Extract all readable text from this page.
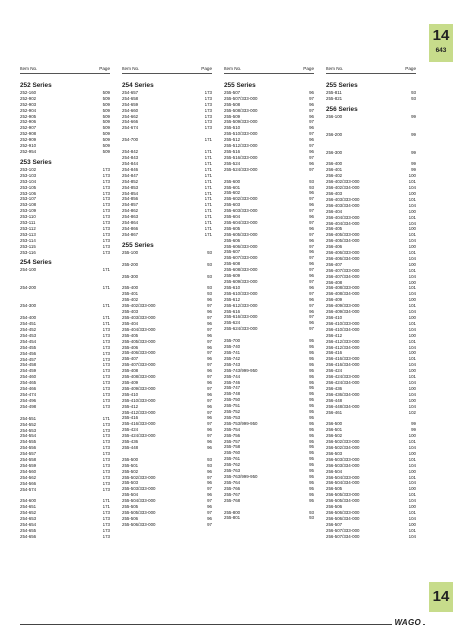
14
643
Item No.	Page
252 Series
252-160	509
252-902	509
252-903	509
252-904	509
252-905	509
252-906	509
252-907	509
252-908	509
252-909	509
252-910	509
252-954	509
253 Series
253-102	173
253-103	173
253-104	173
253-105	173
253-106	173
253-107	173
253-108	173
253-109	173
253-110	173
253-111	173
253-112	173
253-113	173
253-114	173
253-115	173
253-116	173
254 Series
254-100	171
254-200	171
254-300	171
254-400	171
254-451	171
254-452	173
254-453	173
254-454	173
254-455	173
254-456	173
254-457	173
254-458	173
254-459	173
254-460	173
254-465	173
254-466	173
254-474	173
254-496	173
254-498	173
254-551	171
254-552	173
254-553	173
254-554	173
254-555	173
254-556	173
254-557	173
254-558	173
254-559	173
254-560	173
254-562	173
254-566	173
254-574	173
254-600	171
254-651	171
254-652	173
254-653	173
254-654	173
254-655	173
254-656	173
Item No.	Page
254 Series
254-657	173
254-658	173
254-659	173
254-660	173
254-662	173
254-666	173
254-674	173
254-700	171
254-842	171
254-843	171
254-844	171
254-846	171
254-847	171
254-852	171
254-853	171
254-854	171
254-856	171
254-857	171
254-862	171
254-863	171
254-864	171
254-866	171
254-867	171
255 Series
255-100	93
255-200	93
255-300	93
255-400	93
255-401	93
255-402	96
255-402/333-000	97
255-403	96
255-403/333-000	97
255-404	96
255-404/333-000	97
255-405	96
255-405/333-000	97
255-406	96
255-406/333-000	97
255-407	96
255-407/333-000	97
255-408	96
255-408/333-000	97
255-409	96
255-409/333-000	97
255-410	96
255-410/333-000	97
255-412	96
255-412/333-000	97
255-416	96
255-416/333-000	97
255-424	96
255-424/333-000	97
255-436	96
255-448	96
255-500	93
255-501	93
255-502	96
255-502/333-000	97
255-503	96
255-503/333-000	97
255-504	96
255-504/333-000	97
255-505	96
255-505/333-000	97
255-506	96
255-506/333-000	97
Item No.	Page
255 Series
255-507	96
255-507/333-000	97
255-508	96
255-508/333-000	97
255-509	96
255-509/333-000	97
255-510	96
255-510/333-000	97
255-512	96
255-512/333-000	97
255-516	96
255-516/333-000	97
255-524	96
255-524/333-000	97
255-600	93
255-601	93
255-602	96
255-602/333-000	97
255-603	96
255-603/333-000	97
255-604	96
255-604/333-000	97
255-605	96
255-605/333-000	97
255-606	96
255-606/333-000	97
255-607	96
255-607/333-000	97
255-608	96
255-608/333-000	97
255-609	96
255-609/333-000	97
255-610	96
255-610/333-000	97
255-612	96
255-612/333-000	97
255-616	96
255-616/333-000	97
255-624	96
255-624/333-000	97
255-700	95
255-740	95
255-741	95
255-742	95
255-743	95
255-743/999-950	95
255-744	95
255-746	95
255-747	95
255-748	95
255-750	95
255-751	95
255-752	95
255-753	95
255-753/999-950	95
255-754	95
255-756	95
255-757	95
255-758	95
255-760	95
255-761	95
255-762	95
255-763	95
255-763/999-950	95
255-764	95
255-766	95
255-767	95
255-768	95
255-800	93
255-801	93
Item No.	Page
255 Series
255-811	93
255-821	93
256 Series
256-100	99
256-200	99
256-300	99
256-400	99
256-401	99
256-402	100
256-402/333-000	101
256-402/334-000	104
256-403	100
256-403/333-000	101
256-403/334-000	104
256-404	100
256-404/333-000	101
256-404/334-000	104
256-405	100
256-405/333-000	101
256-405/334-000	104
256-406	100
256-406/333-000	101
256-406/334-000	104
256-407	100
256-407/333-000	101
256-407/334-000	104
256-408	100
256-408/333-000	101
256-408/334-000	104
256-409	100
256-409/333-000	101
256-409/334-000	104
256-410	100
256-410/333-000	101
256-410/334-000	104
256-412	100
256-412/333-000	101
256-412/334-000	104
256-416	100
256-416/333-000	101
256-416/334-000	104
256-424	100
256-424/333-000	101
256-424/334-000	104
256-436	100
256-436/334-000	104
256-448	100
256-448/334-000	104
256-461	102
256-500	99
256-501	99
256-502	100
256-502/333-000	101
256-502/334-000	104
256-503	100
256-503/333-000	101
256-503/334-000	104
256-504	100
256-504/333-000	101
256-504/334-000	104
256-505	100
256-505/333-000	101
256-505/334-000	104
256-506	100
256-506/333-000	101
256-506/334-000	104
256-507	100
256-507/333-000	101
256-507/334-000	104
14
WAGO
